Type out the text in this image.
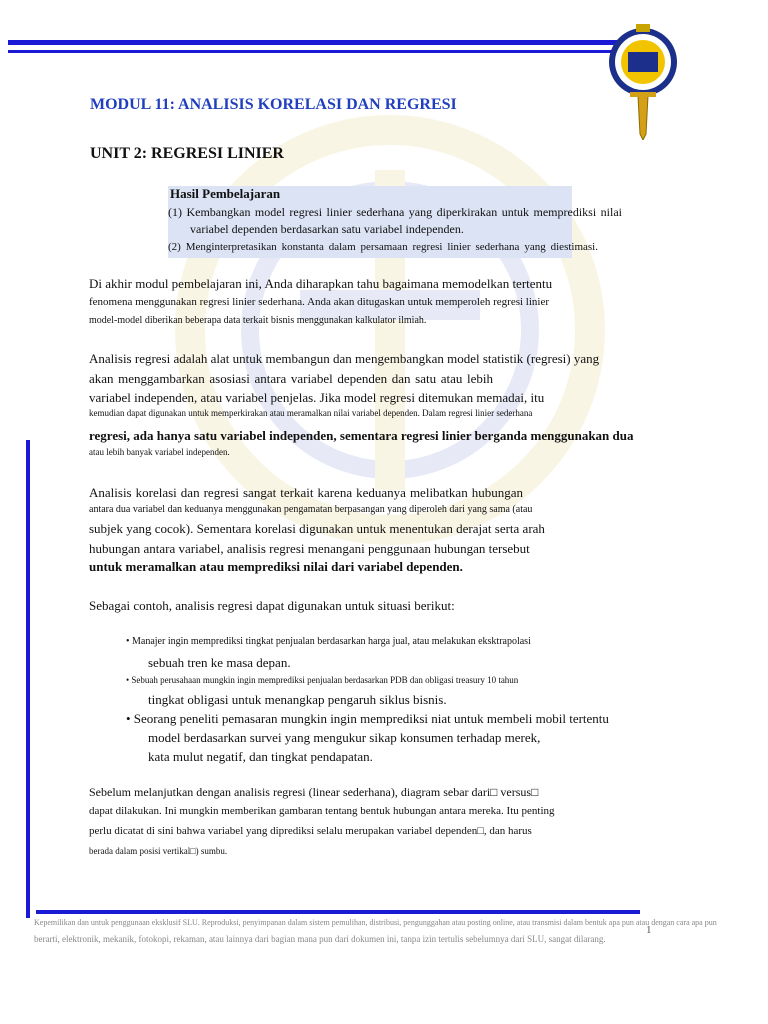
MODUL 11: ANALISIS KORELASI DAN REGRESI
UNIT 2: REGRESI LINIER
Hasil Pembelajaran
(1) Kembangkan model regresi linier sederhana yang diperkirakan untuk memprediksi nilai
variabel dependen berdasarkan satu variabel independen.
(2) Menginterpretasikan konstanta dalam persamaan regresi linier sederhana yang diestimasi.
Di akhir modul pembelajaran ini, Anda diharapkan tahu bagaimana memodelkan tertentu
fenomena menggunakan regresi linier sederhana. Anda akan ditugaskan untuk memperoleh regresi linier
model-model diberikan beberapa data terkait bisnis menggunakan kalkulator ilmiah.
Analisis regresi adalah alat untuk membangun dan mengembangkan model statistik (regresi) yang
akan menggambarkan asosiasi antara variabel dependen dan satu atau lebih
variabel independen, atau variabel penjelas. Jika model regresi ditemukan memadai, itu
kemudian dapat digunakan untuk memperkirakan atau meramalkan nilai variabel dependen. Dalam regresi linier sederhana
regresi, ada hanya satu variabel independen, sementara regresi linier berganda menggunakan dua
atau lebih banyak variabel independen.
Analisis korelasi dan regresi sangat terkait karena keduanya melibatkan hubungan
antara dua variabel dan keduanya menggunakan pengamatan berpasangan yang diperoleh dari yang sama (atau
subjek yang cocok). Sementara korelasi digunakan untuk menentukan derajat serta arah
hubungan antara variabel, analisis regresi menangani penggunaan hubungan tersebut
untuk meramalkan atau memprediksi nilai dari variabel dependen.
Sebagai contoh, analisis regresi dapat digunakan untuk situasi berikut:
• Manajer ingin memprediksi tingkat penjualan berdasarkan harga jual, atau melakukan eksktrapolasi
sebuah tren ke masa depan.
• Sebuah perusahaan mungkin ingin memprediksi penjualan berdasarkan PDB dan obligasi treasury 10 tahun
tingkat obligasi untuk menangkap pengaruh siklus bisnis.
• Seorang peneliti pemasaran mungkin ingin memprediksi niat untuk membeli mobil tertentu
model berdasarkan survei yang mengukur sikap konsumen terhadap merek,
kata mulut negatif, dan tingkat pendapatan.
Sebelum melanjutkan dengan analisis regresi (linear sederhana), diagram sebar dari□ versus□
dapat dilakukan. Ini mungkin memberikan gambaran tentang bentuk hubungan antara mereka. Itu penting
perlu dicatat di sini bahwa variabel yang diprediksi selalu merupakan variabel dependen□, dan harus
berada dalam posisi vertikal□) sumbu.
Kepemilikan dan untuk penggunaan eksklusif SLU. Reproduksi, penyimpanan dalam sistem pemulihan, distribusi, pengunggahan atau posting online, atau transmisi dalam bentuk apa pun atau dengan cara apa pun
berarti, elektronik, mekanik, fotokopi, rekaman, atau lainnya dari bagian mana pun dari dokumen ini, tanpa izin tertulis sebelumnya dari SLU, sangat dilarang.
1
